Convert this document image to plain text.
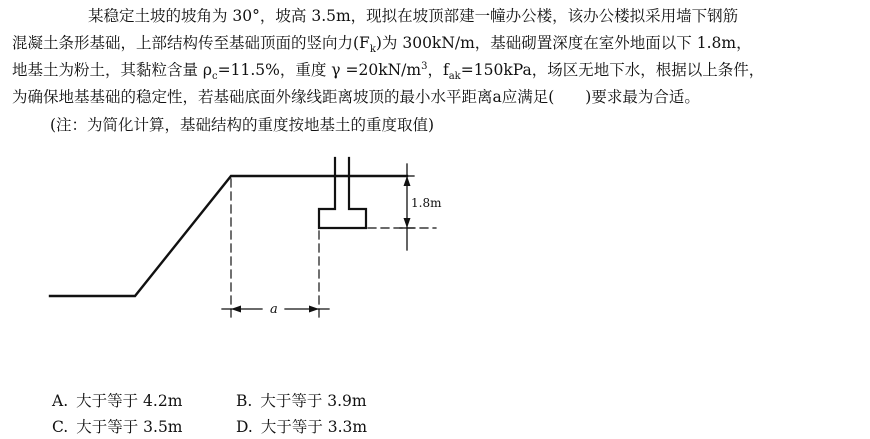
某稳定土坡的坡角为 30°，坡高 3.5m，现拟在坡顶部建一幢办公楼，该办公楼拟采用墙下钢筋
混凝土条形基础，上部结构传至基础顶面的竖向力$(F_k)$为 300kN/m，基础砌置深度在室外地面以下 1.8m，
地基土为粉土，其黏粒含量 $\rho_c=11.5\%$，重度 $\gamma =20kN/m^3$，$f_{ak}=150kPa$，场区无地下水，根据以上条件，
为确保地基基础的稳定性，若基础底面外缘线距离坡顶的最小水平距离a应满足(　　)要求最为合适。
(注：为简化计算，基础结构的重度按地基土的重度取值)
1.8m
a
A. 大于等于 4.2m	B. 大于等于 3.9m
C. 大于等于 3.5m	D. 大于等于 3.3m
